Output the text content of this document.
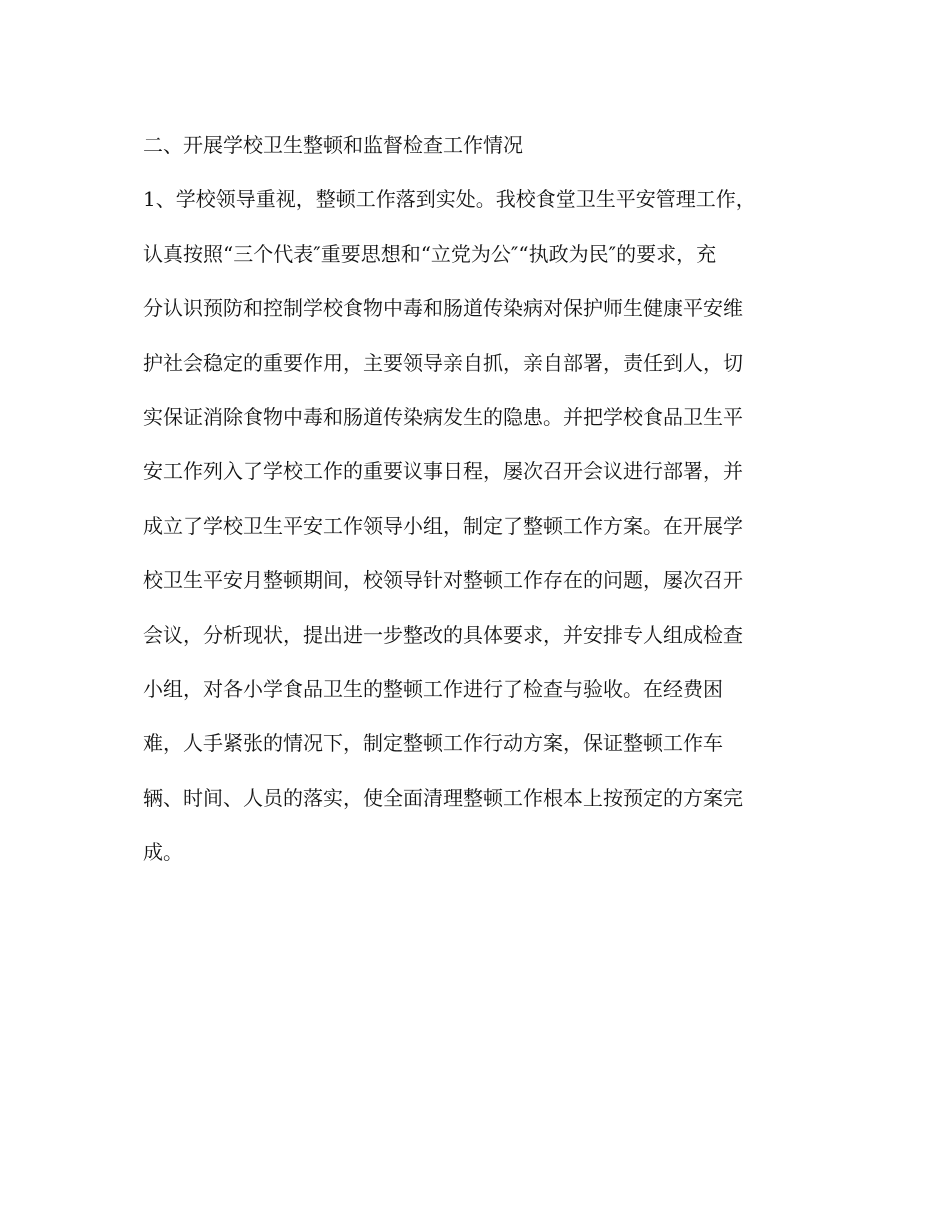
二、开展学校卫生整顿和监督检查工作情况
1、学校领导重视，整顿工作落到实处。我校食堂卫生平安管理工作，
认真按照“三个代表″重要思想和“立党为公″“执政为民″的要求，充
分认识预防和控制学校食物中毒和肠道传染病对保护师生健康平安维
护社会稳定的重要作用，主要领导亲自抓，亲自部署，责任到人，切
实保证消除食物中毒和肠道传染病发生的隐患。并把学校食品卫生平
安工作列入了学校工作的重要议事日程，屡次召开会议进行部署，并
成立了学校卫生平安工作领导小组，制定了整顿工作方案。在开展学
校卫生平安月整顿期间，校领导针对整顿工作存在的问题，屡次召开
会议，分析现状，提出进一步整改的具体要求，并安排专人组成检查
小组，对各小学食品卫生的整顿工作进行了检查与验收。在经费困
难，人手紧张的情况下，制定整顿工作行动方案，保证整顿工作车
辆、时间、人员的落实，使全面清理整顿工作根本上按预定的方案完
成。
